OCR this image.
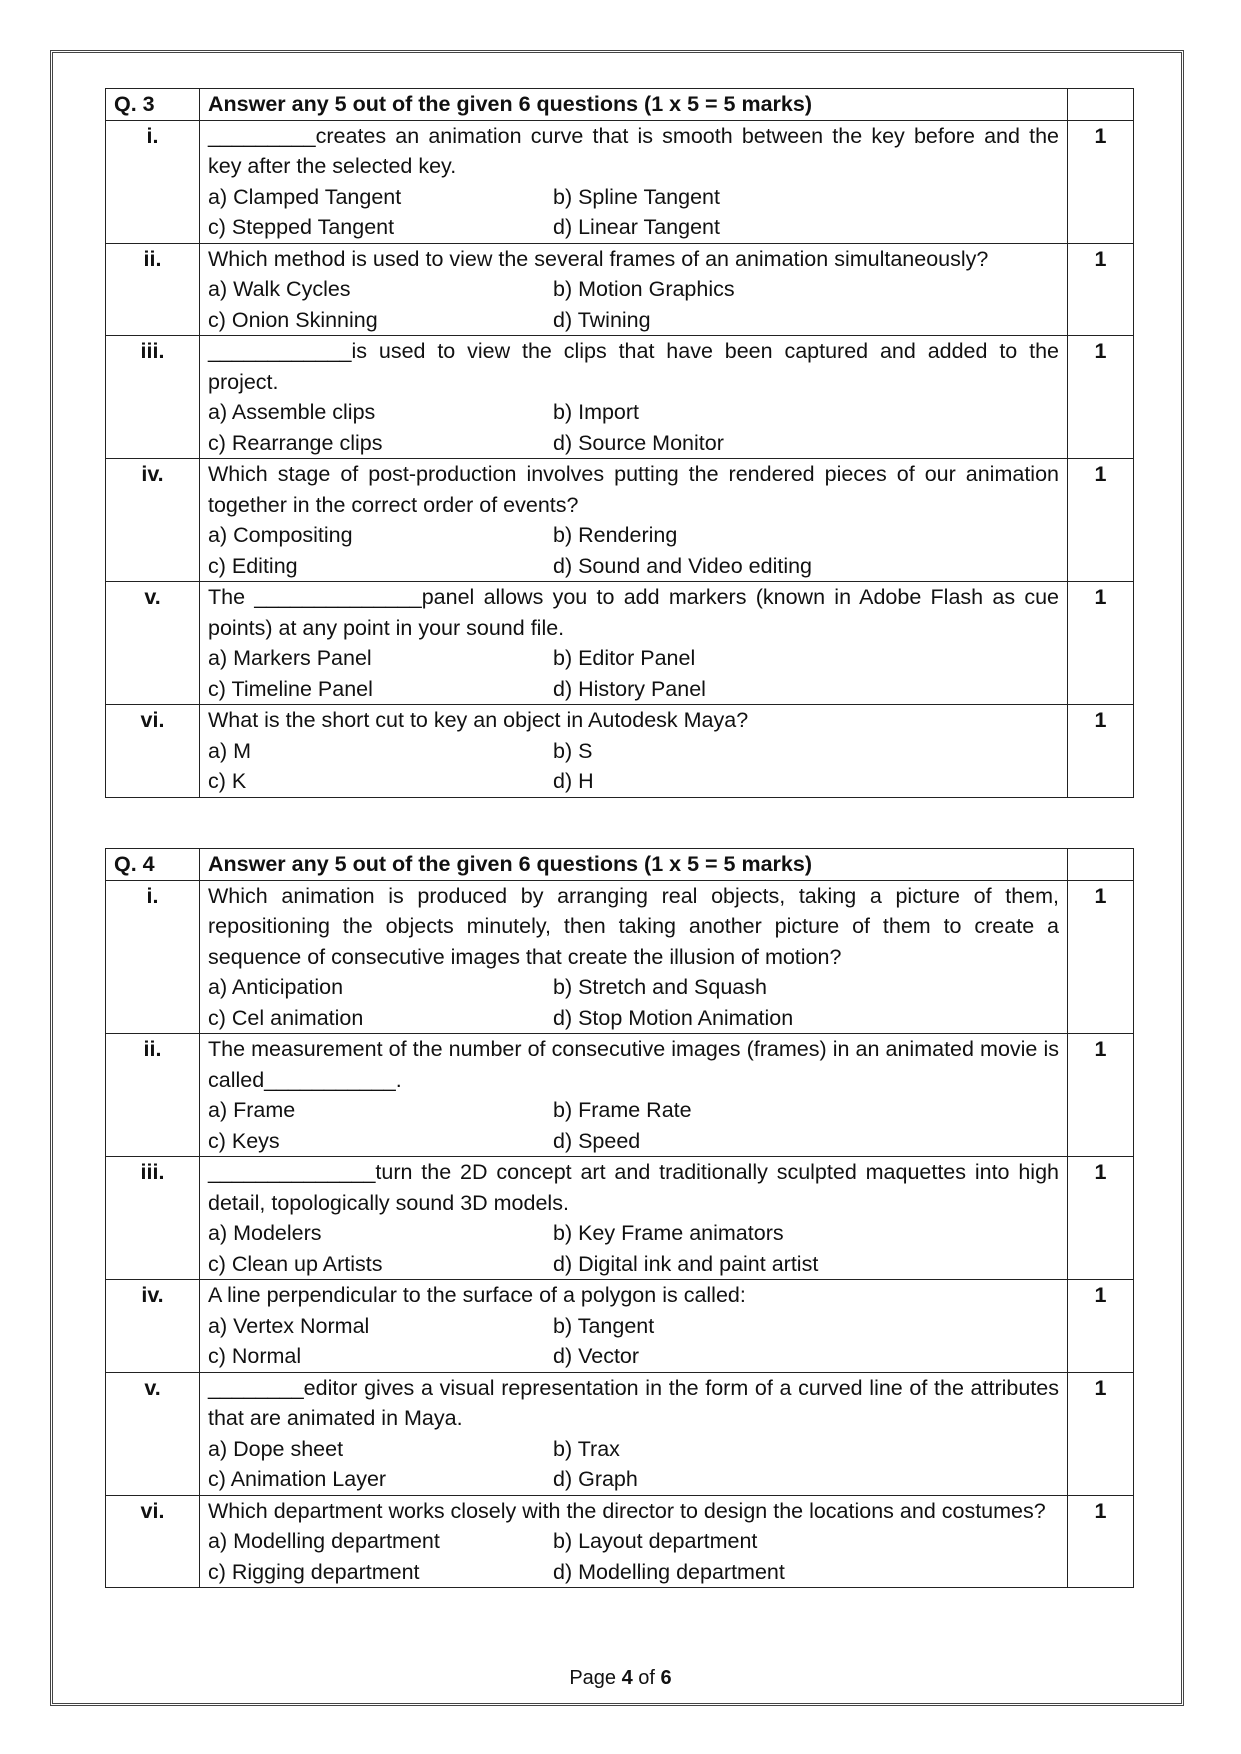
Q. 3	Answer any 5 out of the given 6 questions (1 x 5 = 5 marks)	
i.	_________creates an animation curve that is smooth between the key before and the key after the selected key.
a) Clamped Tangent b) Spline Tangent
c) Stepped Tangent d) Linear Tangent	1
ii.	Which method is used to view the several frames of an animation simultaneously?
a) Walk Cycles b) Motion Graphics
c) Onion Skinning d) Twining	1
iii.	____________is used to view the clips that have been captured and added to the project.
a) Assemble clips b) Import
c) Rearrange clips d) Source Monitor	1
iv.	Which stage of post-production involves putting the rendered pieces of our animation together in the correct order of events?
a) Compositing b) Rendering
c) Editing d) Sound and Video editing	1
v.	The ______________panel allows you to add markers (known in Adobe Flash as cue points) at any point in your sound file.
a) Markers Panel b) Editor Panel
c) Timeline Panel d) History Panel	1
vi.	What is the short cut to key an object in Autodesk Maya?
a) M b) S
c) K d) H	1
Q. 4	Answer any 5 out of the given 6 questions (1 x 5 = 5 marks)	
i.	Which animation is produced by arranging real objects, taking a picture of them, repositioning the objects minutely, then taking another picture of them to create a sequence of consecutive images that create the illusion of motion?
a) Anticipation b) Stretch and Squash
c) Cel animation d) Stop Motion Animation	1
ii.	The measurement of the number of consecutive images (frames) in an animated movie is called___________.
a) Frame b) Frame Rate
c) Keys d) Speed	1
iii.	______________turn the 2D concept art and traditionally sculpted maquettes into high detail, topologically sound 3D models.
a) Modelers b) Key Frame animators
c) Clean up Artists d) Digital ink and paint artist	1
iv.	A line perpendicular to the surface of a polygon is called:
a) Vertex Normal b) Tangent
c) Normal d) Vector	1
v.	________editor gives a visual representation in the form of a curved line of the attributes that are animated in Maya.
a) Dope sheet b) Trax
c) Animation Layer d) Graph	1
vi.	Which department works closely with the director to design the locations and costumes?
a) Modelling department b) Layout department
c) Rigging department d) Modelling department	1
Page 4 of 6
